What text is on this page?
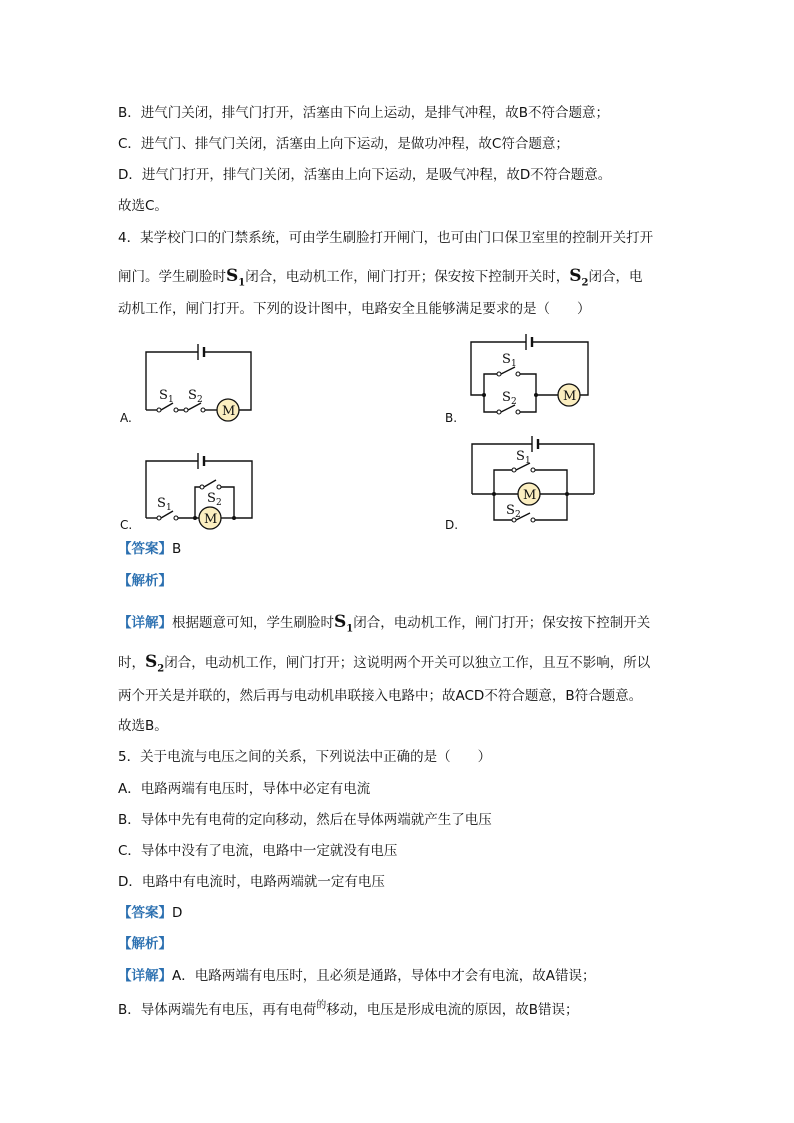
B．进气门关闭，排气门打开，活塞由下向上运动，是排气冲程，故B不符合题意；
C．进气门、排气门关闭，活塞由上向下运动，是做功冲程，故C符合题意；
D．进气门打开，排气门关闭，活塞由上向下运动，是吸气冲程，故D不符合题意。
故选C。
4．某学校门口的门禁系统，可由学生刷脸打开闸门，也可由门口保卫室里的控制开关打开
闸门。学生刷脸时$S_1$闭合，电动机工作，闸门打开；保安按下控制开关时，$S_2$闭合，电
动机工作，闸门打开。下列的设计图中，电路安全且能够满足要求的是（　　）
M
S 1 S 2
A.
M
S 1
S 2
B.
M
S 1
S 2
C.
M
S 1
S 2
D.
【答案】B
【解析】
【详解】根据题意可知，学生刷脸时$S_1$闭合，电动机工作，闸门打开；保安按下控制开关
时，$S_2$闭合，电动机工作，闸门打开；这说明两个开关可以独立工作，且互不影响，所以
两个开关是并联的，然后再与电动机串联接入电路中；故ACD不符合题意，B符合题意。
故选B。
5．关于电流与电压之间的关系，下列说法中正确的是（　　）
A．电路两端有电压时，导体中必定有电流
B．导体中先有电荷的定向移动，然后在导体两端就产生了电压
C．导体中没有了电流，电路中一定就没有电压
D．电路中有电流时，电路两端就一定有电压
【答案】D
【解析】
【详解】A．电路两端有电压时，且必须是通路，导体中才会有电流，故A错误；
B．导体两端先有电压，再有电荷$^的$移动，电压是形成电流的原因，故B错误；
